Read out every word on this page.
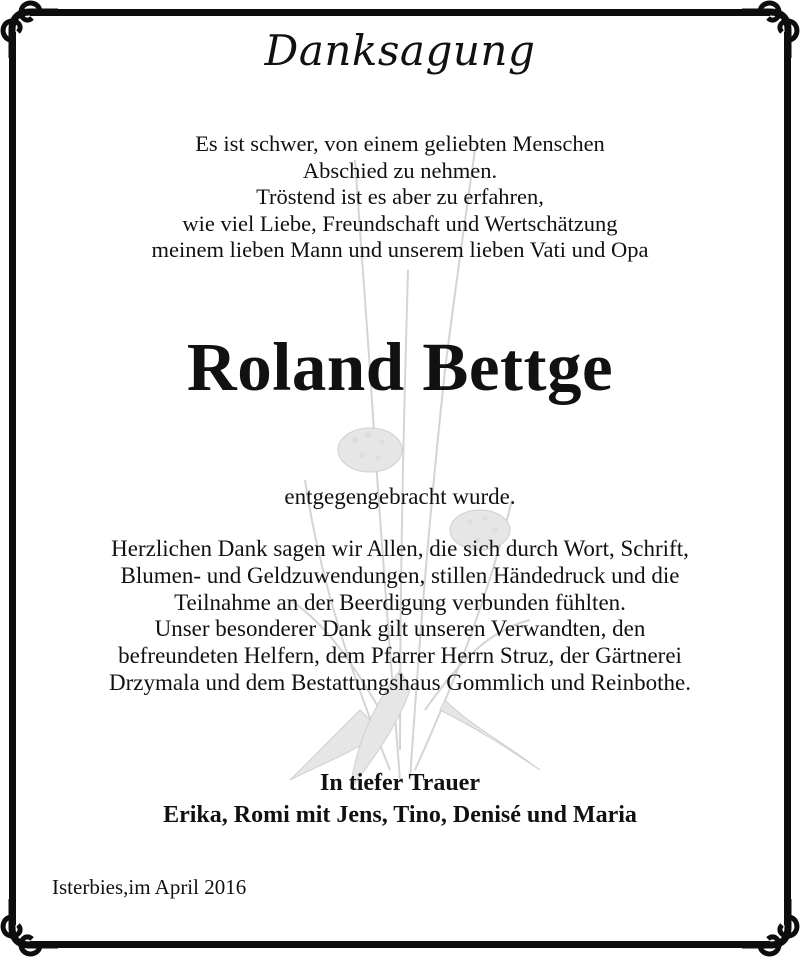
Danksagung
Es ist schwer, von einem geliebten Menschen
Abschied zu nehmen.
Tröstend ist es aber zu erfahren,
wie viel Liebe, Freundschaft und Wertschätzung
meinem lieben Mann und unserem lieben Vati und Opa
Roland Bettge
entgegengebracht wurde.
Herzlichen Dank sagen wir Allen, die sich durch Wort, Schrift,
Blumen- und Geldzuwendungen, stillen Händedruck und die
Teilnahme an der Beerdigung verbunden fühlten.
Unser besonderer Dank gilt unseren Verwandten, den
befreundeten Helfern, dem Pfarrer Herrn Struz, der Gärtnerei
Drzymala und dem Bestattungshaus Gommlich und Reinbothe.
In tiefer Trauer
Erika, Romi mit Jens, Tino, Denisé und Maria
Isterbies,im April 2016
